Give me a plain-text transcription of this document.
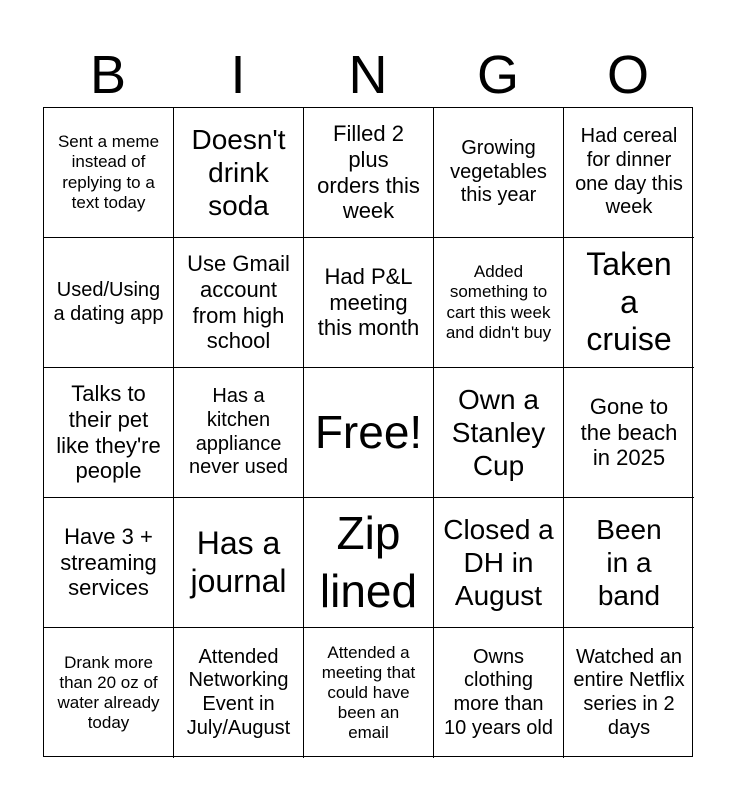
B	I	N	G	O
Sent a meme instead of replying to a text today
Doesn't drink soda
Filled 2 plus orders this week
Growing vegetables this year
Had cereal for dinner one day this week
Used/Using a dating app
Use Gmail account from high school
Had P&L meeting this month
Added something to cart this week and didn't buy
Taken a cruise
Talks to their pet like they're people
Has a kitchen appliance never used
Free!
Own a Stanley Cup
Gone to the beach in 2025
Have 3 + streaming services
Has a journal
Zip lined
Closed a DH in August
Been in a band
Drank more than 20 oz of water already today
Attended Networking Event in July/August
Attended a meeting that could have been an email
Owns clothing more than 10 years old
Watched an entire Netflix series in 2 days
